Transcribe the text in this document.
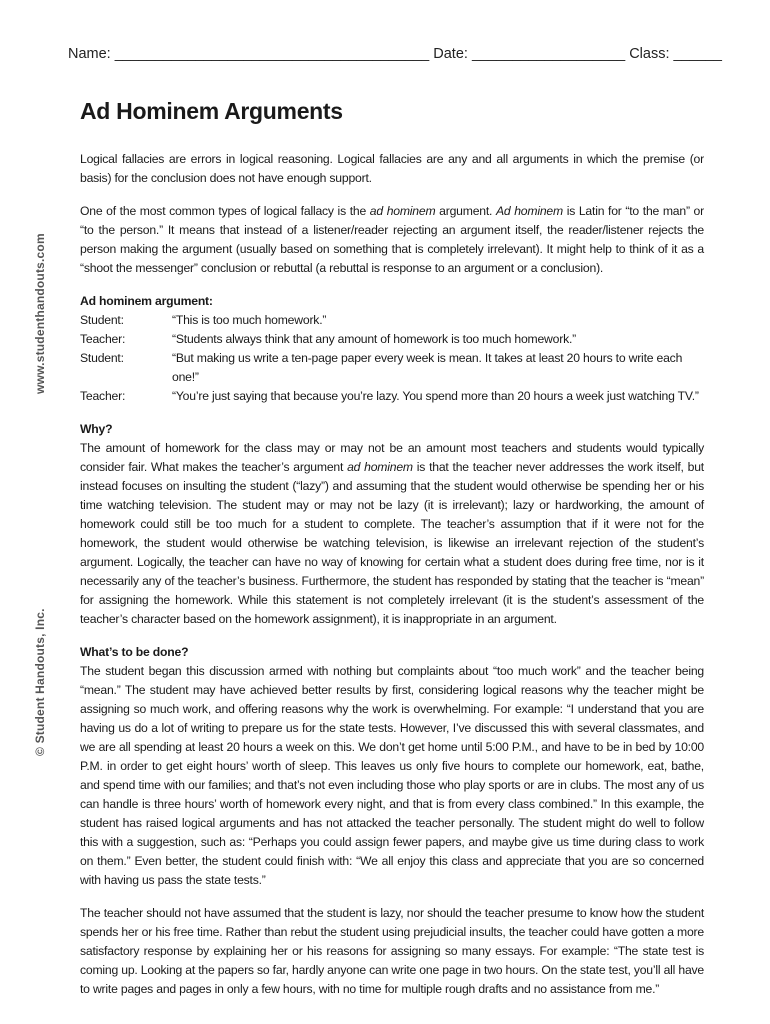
Name: _______________________________________ Date: ___________________ Class: ______
www.studenthandouts.com
© Student Handouts, Inc.
Ad Hominem Arguments

Logical fallacies are errors in logical reasoning. Logical fallacies are any and all arguments in which the premise (or basis) for the conclusion does not have enough support.

One of the most common types of logical fallacy is the ad hominem argument. Ad hominem is Latin for “to the man” or “to the person.” It means that instead of a listener/reader rejecting an argument itself, the reader/listener rejects the person making the argument (usually based on something that is completely irrelevant). It might help to think of it as a “shoot the messenger” conclusion or rebuttal (a rebuttal is response to an argument or a conclusion).

Ad hominem argument:
Student:	“This is too much homework.”
Teacher:	“Students always think that any amount of homework is too much homework.”
Student:	“But making us write a ten-page paper every week is mean. It takes at least 20 hours to write each one!”
Teacher:	“You’re just saying that because you’re lazy. You spend more than 20 hours a week just watching TV.”
Why?

The amount of homework for the class may or may not be an amount most teachers and students would typically consider fair. What makes the teacher’s argument ad hominem is that the teacher never addresses the work itself, but instead focuses on insulting the student (“lazy”) and assuming that the student would otherwise be spending her or his time watching television. The student may or may not be lazy (it is irrelevant); lazy or hardworking, the amount of homework could still be too much for a student to complete. The teacher’s assumption that if it were not for the homework, the student would otherwise be watching television, is likewise an irrelevant rejection of the student’s argument. Logically, the teacher can have no way of knowing for certain what a student does during free time, nor is it necessarily any of the teacher’s business. Furthermore, the student has responded by stating that the teacher is “mean” for assigning the homework. While this statement is not completely irrelevant (it is the student’s assessment of the teacher’s character based on the homework assignment), it is inappropriate in an argument.

What’s to be done?

The student began this discussion armed with nothing but complaints about “too much work” and the teacher being “mean.” The student may have achieved better results by first, considering logical reasons why the teacher might be assigning so much work, and offering reasons why the work is overwhelming. For example: “I understand that you are having us do a lot of writing to prepare us for the state tests. However, I’ve discussed this with several classmates, and we are all spending at least 20 hours a week on this. We don’t get home until 5:00 P.M., and have to be in bed by 10:00 P.M. in order to get eight hours’ worth of sleep. This leaves us only five hours to complete our homework, eat, bathe, and spend time with our families; and that’s not even including those who play sports or are in clubs. The most any of us can handle is three hours’ worth of homework every night, and that is from every class combined.” In this example, the student has raised logical arguments and has not attacked the teacher personally. The student might do well to follow this with a suggestion, such as: “Perhaps you could assign fewer papers, and maybe give us time during class to work on them.” Even better, the student could finish with: “We all enjoy this class and appreciate that you are so concerned with having us pass the state tests.”

The teacher should not have assumed that the student is lazy, nor should the teacher presume to know how the student spends her or his free time. Rather than rebut the student using prejudicial insults, the teacher could have gotten a more satisfactory response by explaining her or his reasons for assigning so many essays. For example: “The state test is coming up. Looking at the papers so far, hardly anyone can write one page in two hours. On the state test, you’ll all have to write pages and pages in only a few hours, with no time for multiple rough drafts and no assistance from me.”
